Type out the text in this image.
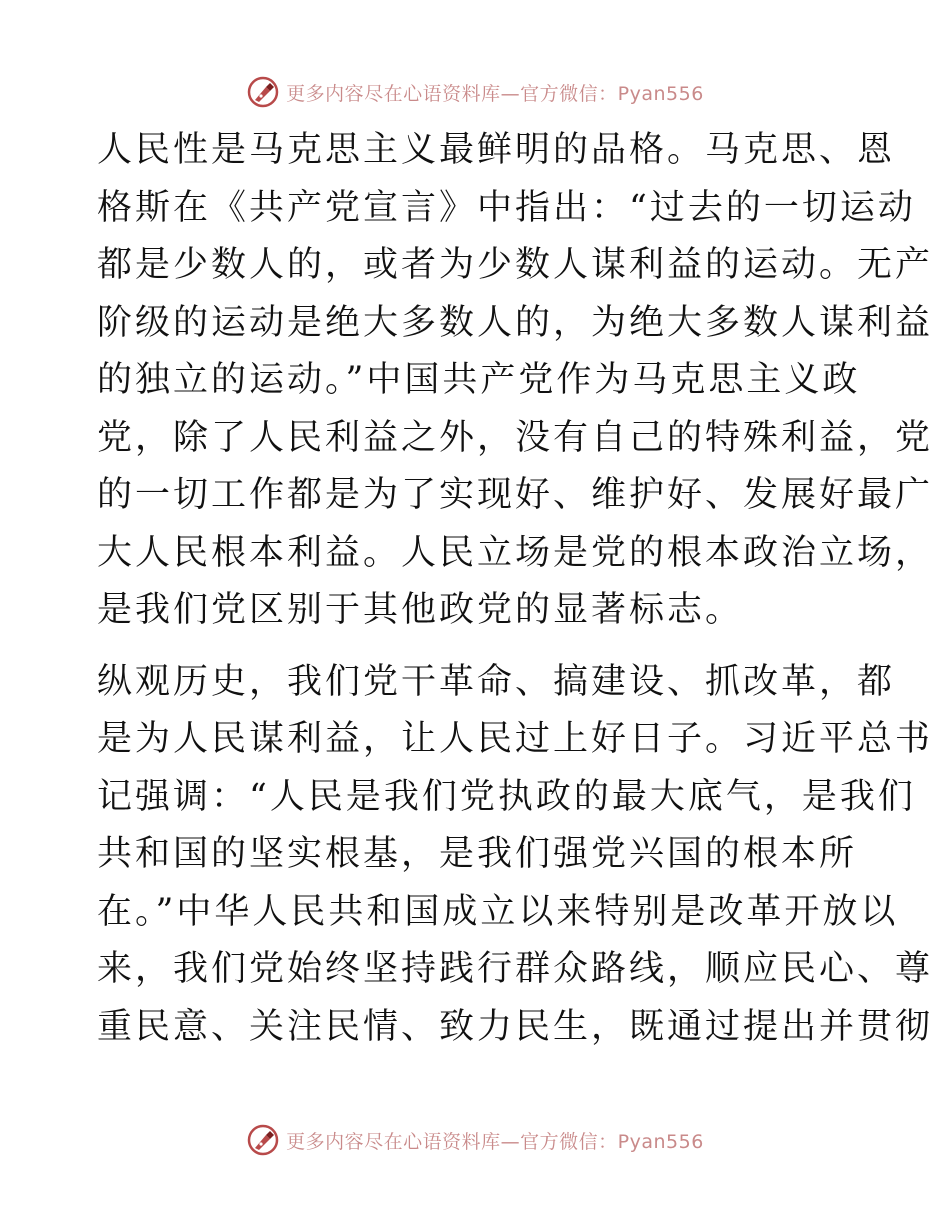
更多内容尽在心语资料库—官方微信：Pyan556
人民性是马克思主义最鲜明的品格。马克思、恩
格斯在《共产党宣言》中指出：“过去的一切运动
都是少数人的，或者为少数人谋利益的运动。无产
阶级的运动是绝大多数人的，为绝大多数人谋利益
的独立的运动。”中国共产党作为马克思主义政
党，除了人民利益之外，没有自己的特殊利益，党
的一切工作都是为了实现好、维护好、发展好最广
大人民根本利益。人民立场是党的根本政治立场，
是我们党区别于其他政党的显著标志。
纵观历史，我们党干革命、搞建设、抓改革，都
是为人民谋利益，让人民过上好日子。习近平总书
记强调：“人民是我们党执政的最大底气，是我们
共和国的坚实根基，是我们强党兴国的根本所
在。”中华人民共和国成立以来特别是改革开放以
来，我们党始终坚持践行群众路线，顺应民心、尊
重民意、关注民情、致力民生，既通过提出并贯彻
更多内容尽在心语资料库—官方微信：Pyan556
